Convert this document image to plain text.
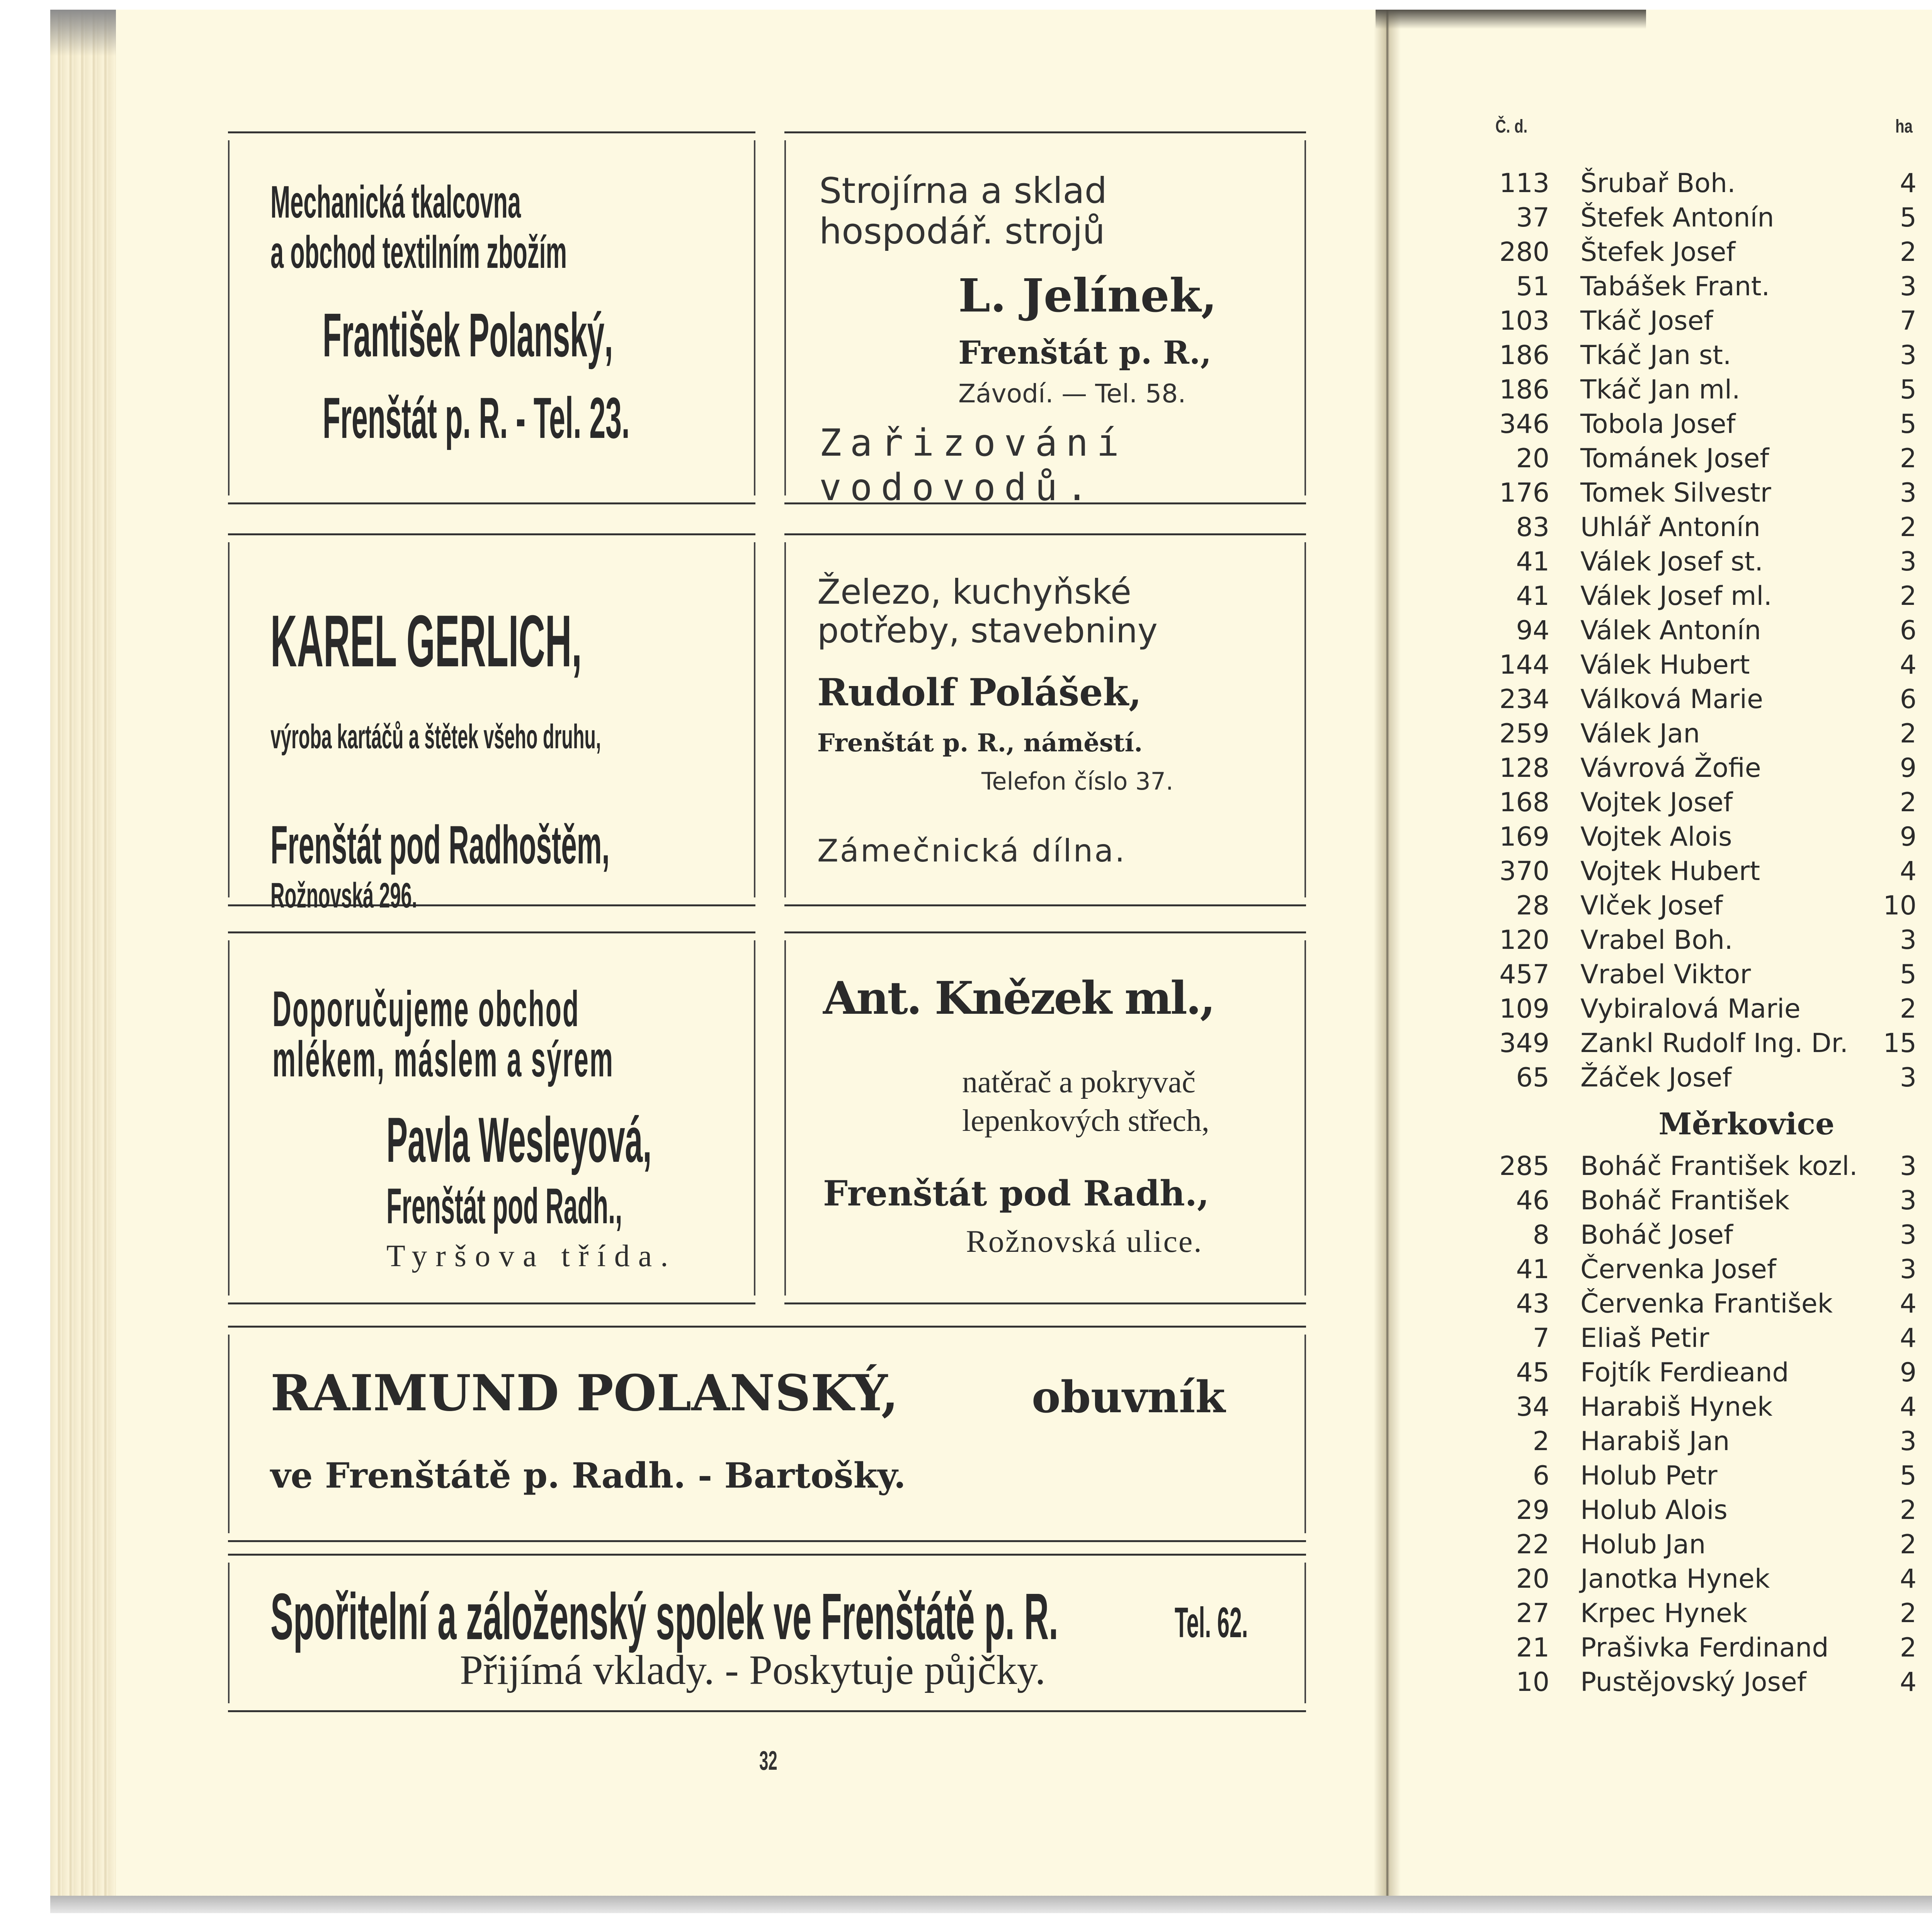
Mechanická tkalcovna
a obchod textilním zbožím
František Polanský,
Frenštát p. R. - Tel. 23.
Strojírna a sklad
hospodář. strojů
L. Jelínek,
Frenštát p. R.,
Závodí. — Tel. 58.
Zařizování
vodovodů.
KAREL GERLICH,
výroba kartáčů a štětek všeho druhu,
Frenštát pod Radhoštěm,
Rožnovská 296.
Železo, kuchyňské
potřeby, stavebniny
Rudolf Polášek,
Frenštát p. R., náměstí.
Telefon číslo 37.
Zámečnická dílna.
Doporučujeme obchod
mlékem, máslem a sýrem
Pavla Wesleyová,
Frenštát pod Radh.,
Tyršova třída.
Ant. Knězek ml.,
natěrač a pokryvač
lepenkových střech,
Frenštát pod Radh.,
Rožnovská ulice.
RAIMUND POLANSKÝ,	obuvník
ve Frenštátě p. Radh. - Bartošky.
Spořitelní a záloženský spolek ve Frenštátě p. R.	Tel. 62.
Přijímá vklady. - Poskytuje půjčky.
32
Č. d.	ha
113 Šrubař Boh.	4
37 Štefek Antonín	5
280 Štefek Josef	2
51 Tabášek Frant.	3
103 Tkáč Josef	7
186 Tkáč Jan st.	3
186 Tkáč Jan ml.	5
346 Tobola Josef	5
20 Tománek Josef	2
176 Tomek Silvestr	3
83 Uhlář Antonín	2
41 Válek Josef st.	3
41 Válek Josef ml.	2
94 Válek Antonín	6
144 Válek Hubert	4
234 Válková Marie	6
259 Válek Jan	2
128 Vávrová Žofie	9
168 Vojtek Josef	2
169 Vojtek Alois	9
370 Vojtek Hubert	4
28 Vlček Josef	10
120 Vrabel Boh.	3
457 Vrabel Viktor	5
109 Vybiralová Marie	2
349 Zankl Rudolf Ing. Dr. 15
65 Žáček Josef	3
Měrkovice
285 Boháč František kozl. 3
46 Boháč František	3
8 Boháč Josef	3
41 Červenka Josef	3
43 Červenka František	4
7 Eliaš Petir	4
45 Fojtík Ferdieand	9
34 Harabiš Hynek	4
2 Harabiš Jan	3
6 Holub Petr	5
29 Holub Alois	2
22 Holub Jan	2
20 Janotka Hynek	4
27 Krpec Hynek	2
21 Prašivka Ferdinand	2
10 Pustějovský Josef	4
